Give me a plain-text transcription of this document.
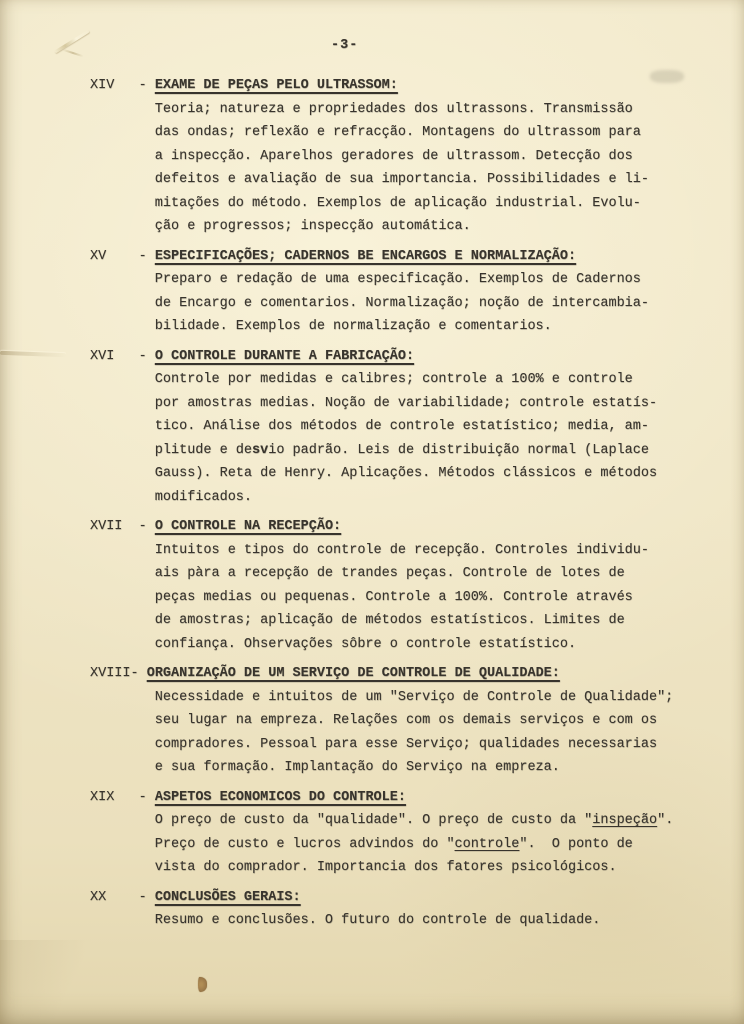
-3-
XIV   - EXAME DE PEÇAS PELO ULTRASSOM:
Teoria; natureza e propriedades dos ultrassons. Transmissão
das ondas; reflexão e refracção. Montagens do ultrassom para
a inspecção. Aparelhos geradores de ultrassom. Detecção dos
defeitos e avaliação de sua importancia. Possibilidades e li-
mitações do método. Exemplos de aplicação industrial. Evolu-
ção e progressos; inspecção automática.
XV    - ESPECIFICAÇÕES; CADERNOS BE ENCARGOS E NORMALIZAÇÃO:
Preparo e redação de uma especificação. Exemplos de Cadernos
de Encargo e comentarios. Normalização; noção de intercambia-
bilidade. Exemplos de normalização e comentarios.
XVI   - O CONTROLE DURANTE A FABRICAÇÃO:
Controle por medidas e calibres; controle a 100% e controle
por amostras medias. Noção de variabilidade; controle estatís-
tico. Análise dos métodos de controle estatístico; media, am-
plitude e desvio padrão. Leis de distribuição normal (Laplace
Gauss). Reta de Henry. Aplicações. Métodos clássicos e métodos
modificados.
XVII  - O CONTROLE NA RECEPÇÃO:
Intuitos e tipos do controle de recepção. Controles individu-
ais pàra a recepção de trandes peças. Controle de lotes de
peças medias ou pequenas. Controle a 100%. Controle através
de amostras; aplicação de métodos estatísticos. Limites de
confiança. Ohservações sôbre o controle estatístico.
XVIII- ORGANIZAÇÃO DE UM SERVIÇO DE CONTROLE DE QUALIDADE:
Necessidade e intuitos de um "Serviço de Controle de Qualidade";
seu lugar na empreza. Relações com os demais serviços e com os
compradores. Pessoal para esse Serviço; qualidades necessarias
e sua formação. Implantação do Serviço na empreza.
XIX   - ASPETOS ECONOMICOS DO CONTROLE:
O preço de custo da "qualidade". O preço de custo da "inspeção".
Preço de custo e lucros advindos do "controle".  O ponto de
vista do comprador. Importancia dos fatores psicológicos.
XX    - CONCLUSÕES GERAIS:
Resumo e conclusões. O futuro do controle de qualidade.
